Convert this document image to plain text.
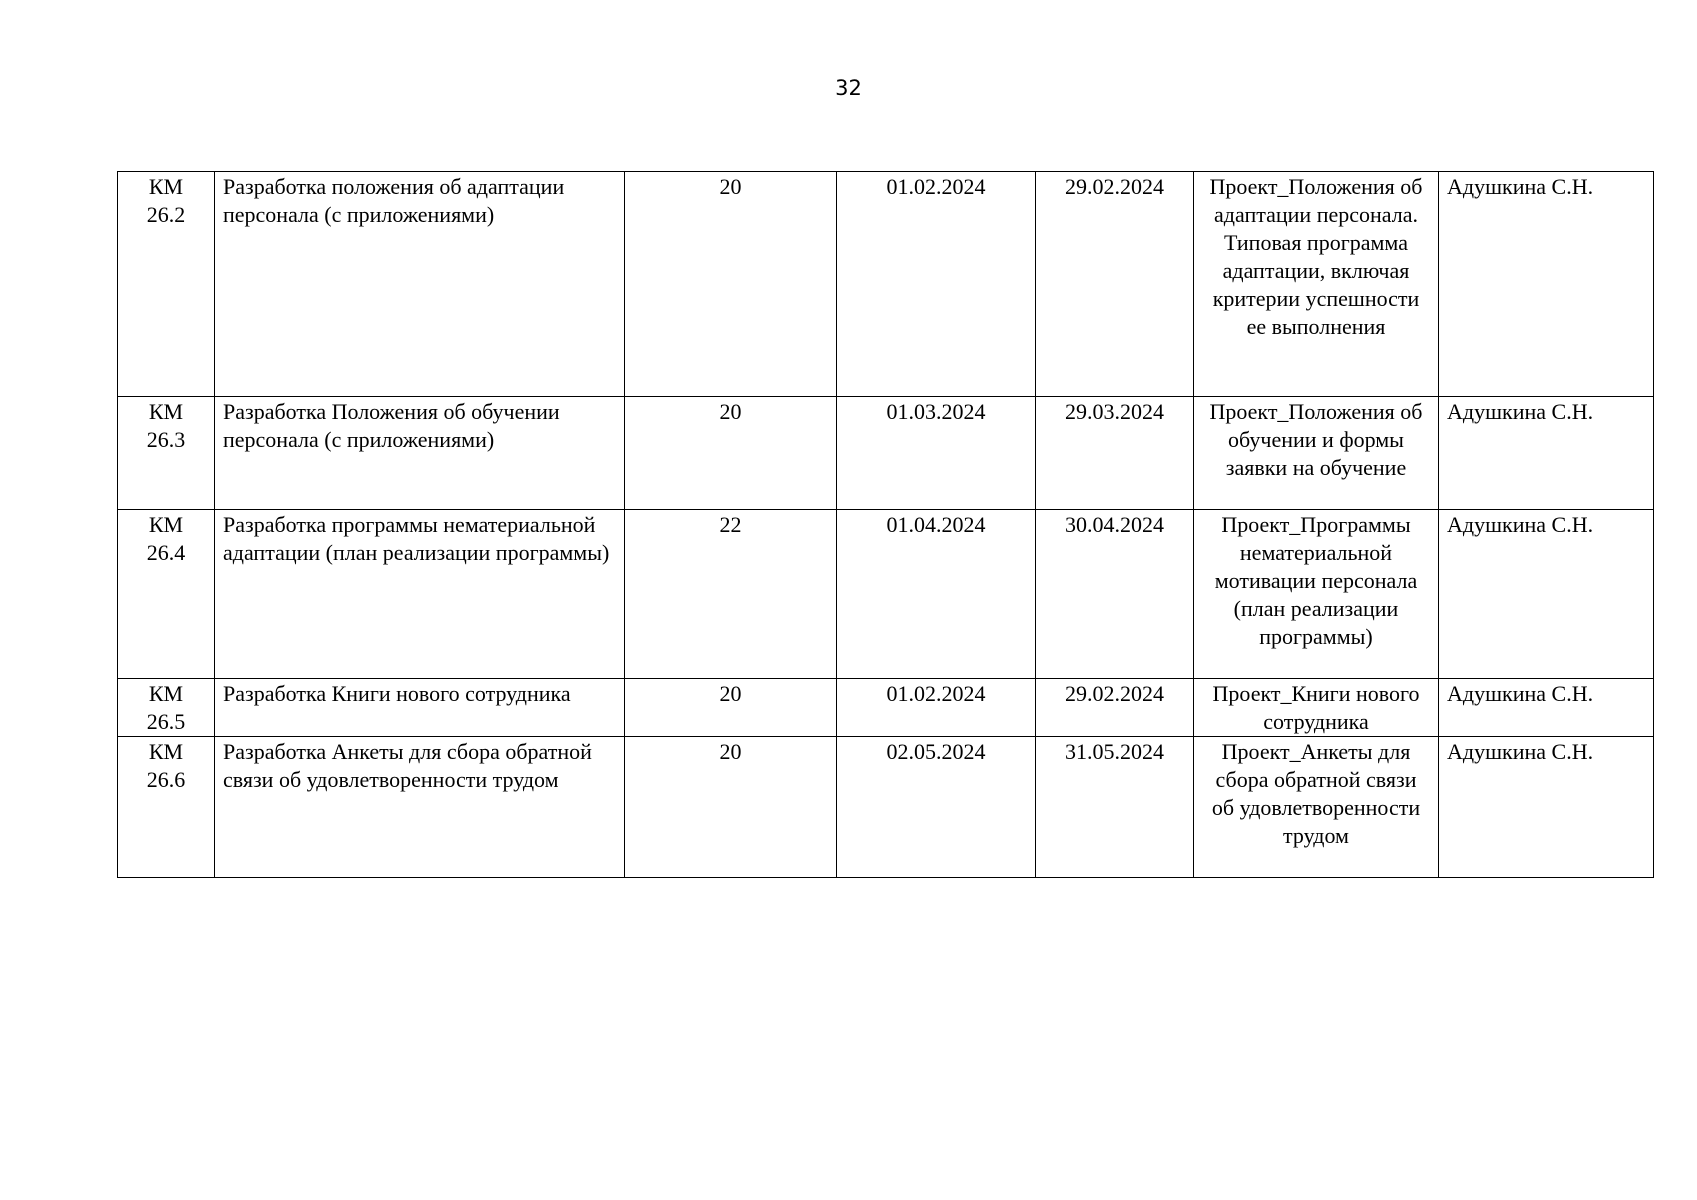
32
КМ
26.2	Разработка положения об адаптации персонала (с приложениями)	20	01.02.2024	29.02.2024	Проект_Положения об адаптации персонала. Типовая программа адаптации, включая критерии успешности ее выполнения	Адушкина С.Н.

КМ
26.3	Разработка Положения об обучении персонала (с приложениями)	20	01.03.2024	29.03.2024	Проект_Положения об обучении и формы заявки на обучение	Адушкина С.Н.

КМ
26.4	Разработка программы нематериальной адаптации (план реализации программы)	22	01.04.2024	30.04.2024	Проект_Программы нематериальной мотивации персонала (план реализации программы)	Адушкина С.Н.

КМ
26.5	Разработка Книги нового сотрудника	20	01.02.2024	29.02.2024	Проект_Книги нового сотрудника	Адушкина С.Н.

КМ
26.6	Разработка Анкеты для сбора обратной связи об удовлетворенности трудом	20	02.05.2024	31.05.2024	Проект_Анкеты для сбора обратной связи об удовлетворенности трудом	Адушкина С.Н.
